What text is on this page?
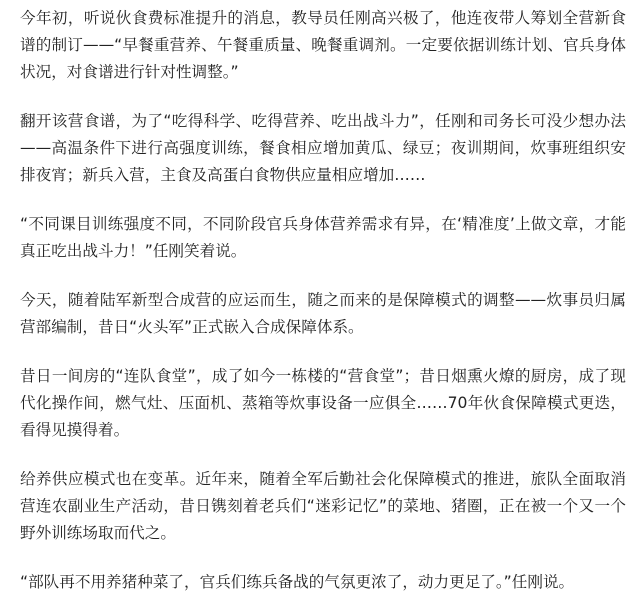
今年初，听说伙食费标准提升的消息，教导员任刚高兴极了，他连夜带人筹划全营新食谱的制订——“早餐重营养、午餐重质量、晚餐重调剂。一定要依据训练计划、官兵身体状况，对食谱进行针对性调整。”

翻开该营食谱，为了“吃得科学、吃得营养、吃出战斗力”，任刚和司务长可没少想办法——高温条件下进行高强度训练，餐食相应增加黄瓜、绿豆；夜训期间，炊事班组织安排夜宵；新兵入营，主食及高蛋白食物供应量相应增加……

“不同课目训练强度不同，不同阶段官兵身体营养需求有异，在‘精准度’上做文章，才能真正吃出战斗力！”任刚笑着说。

今天，随着陆军新型合成营的应运而生，随之而来的是保障模式的调整——炊事员归属营部编制，昔日“火头军”正式嵌入合成保障体系。

昔日一间房的“连队食堂”，成了如今一栋楼的“营食堂”；昔日烟熏火燎的厨房，成了现代化操作间，燃气灶、压面机、蒸箱等炊事设备一应俱全……70年伙食保障模式更迭，看得见摸得着。

给养供应模式也在变革。近年来，随着全军后勤社会化保障模式的推进，旅队全面取消营连农副业生产活动，昔日镌刻着老兵们“迷彩记忆”的菜地、猪圈，正在被一个又一个野外训练场取而代之。

“部队再不用养猪种菜了，官兵们练兵备战的气氛更浓了，动力更足了。”任刚说。
